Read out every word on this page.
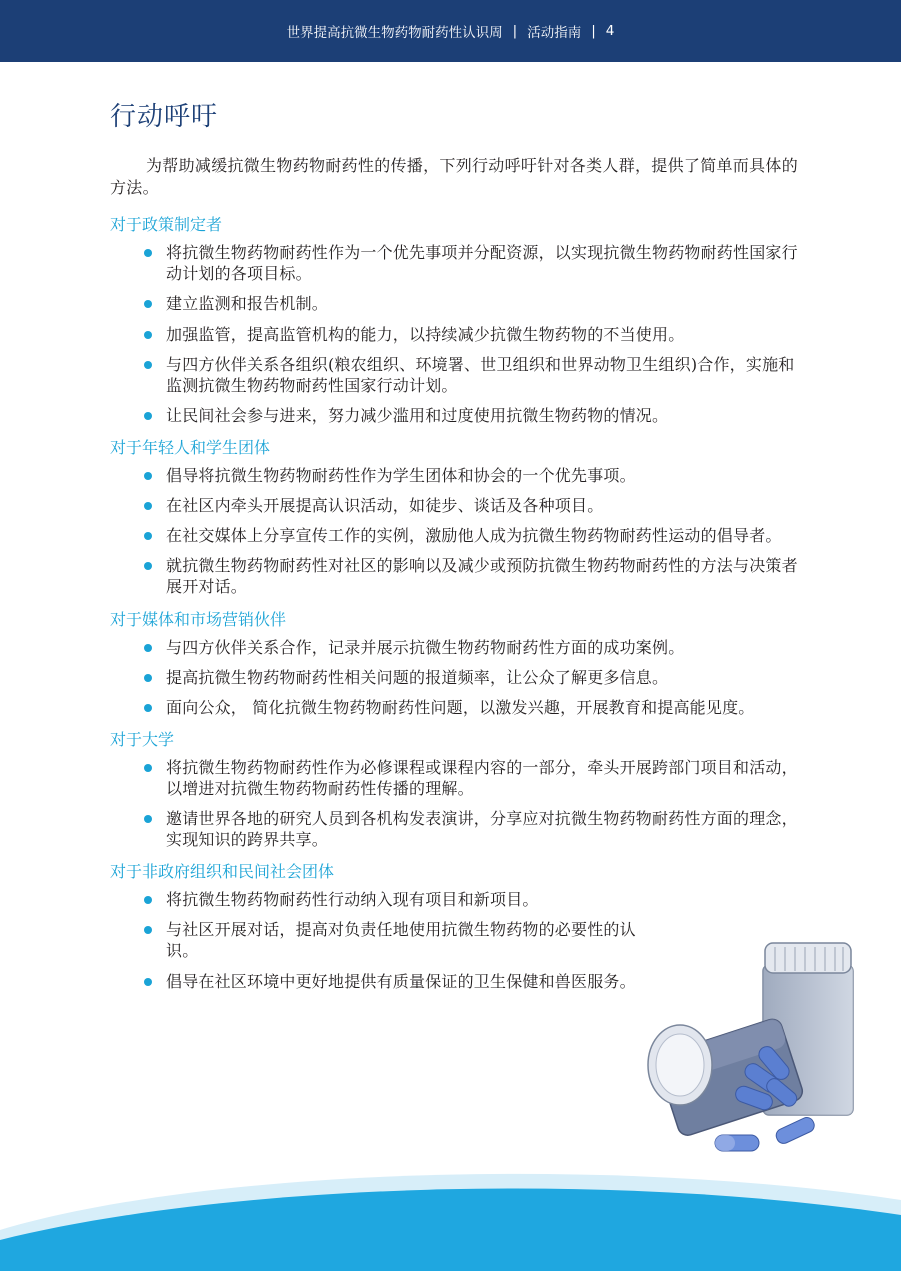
世界提高抗微生物药物耐药性认识周 | 活动指南 | 4
行动呼吁

为帮助减缓抗微生物药物耐药性的传播，下列行动呼吁针对各类人群，提供了简单而具体的方法。

对于政策制定者
将抗微生物药物耐药性作为一个优先事项并分配资源，以实现抗微生物药物耐药性国家行动计划的各项目标。
建立监测和报告机制。
加强监管，提高监管机构的能力，以持续减少抗微生物药物的不当使用。
与四方伙伴关系各组织(粮农组织、环境署、世卫组织和世界动物卫生组织)合作，实施和监测抗微生物药物耐药性国家行动计划。
让民间社会参与进来，努力减少滥用和过度使用抗微生物药物的情况。
对于年轻人和学生团体
倡导将抗微生物药物耐药性作为学生团体和协会的一个优先事项。
在社区内牵头开展提高认识活动，如徒步、谈话及各种项目。
在社交媒体上分享宣传工作的实例，激励他人成为抗微生物药物耐药性运动的倡导者。
就抗微生物药物耐药性对社区的影响以及减少或预防抗微生物药物耐药性的方法与决策者展开对话。
对于媒体和市场营销伙伴
与四方伙伴关系合作，记录并展示抗微生物药物耐药性方面的成功案例。
提高抗微生物药物耐药性相关问题的报道频率，让公众了解更多信息。
面向公众， 简化抗微生物药物耐药性问题，以激发兴趣，开展教育和提高能见度。
对于大学
将抗微生物药物耐药性作为必修课程或课程内容的一部分，牵头开展跨部门项目和活动，以增进对抗微生物药物耐药性传播的理解。
邀请世界各地的研究人员到各机构发表演讲，分享应对抗微生物药物耐药性方面的理念，实现知识的跨界共享。
对于非政府组织和民间社会团体
将抗微生物药物耐药性行动纳入现有项目和新项目。
与社区开展对话，提高对负责任地使用抗微生物药物的必要性的认识。
倡导在社区环境中更好地提供有质量保证的卫生保健和兽医服务。
